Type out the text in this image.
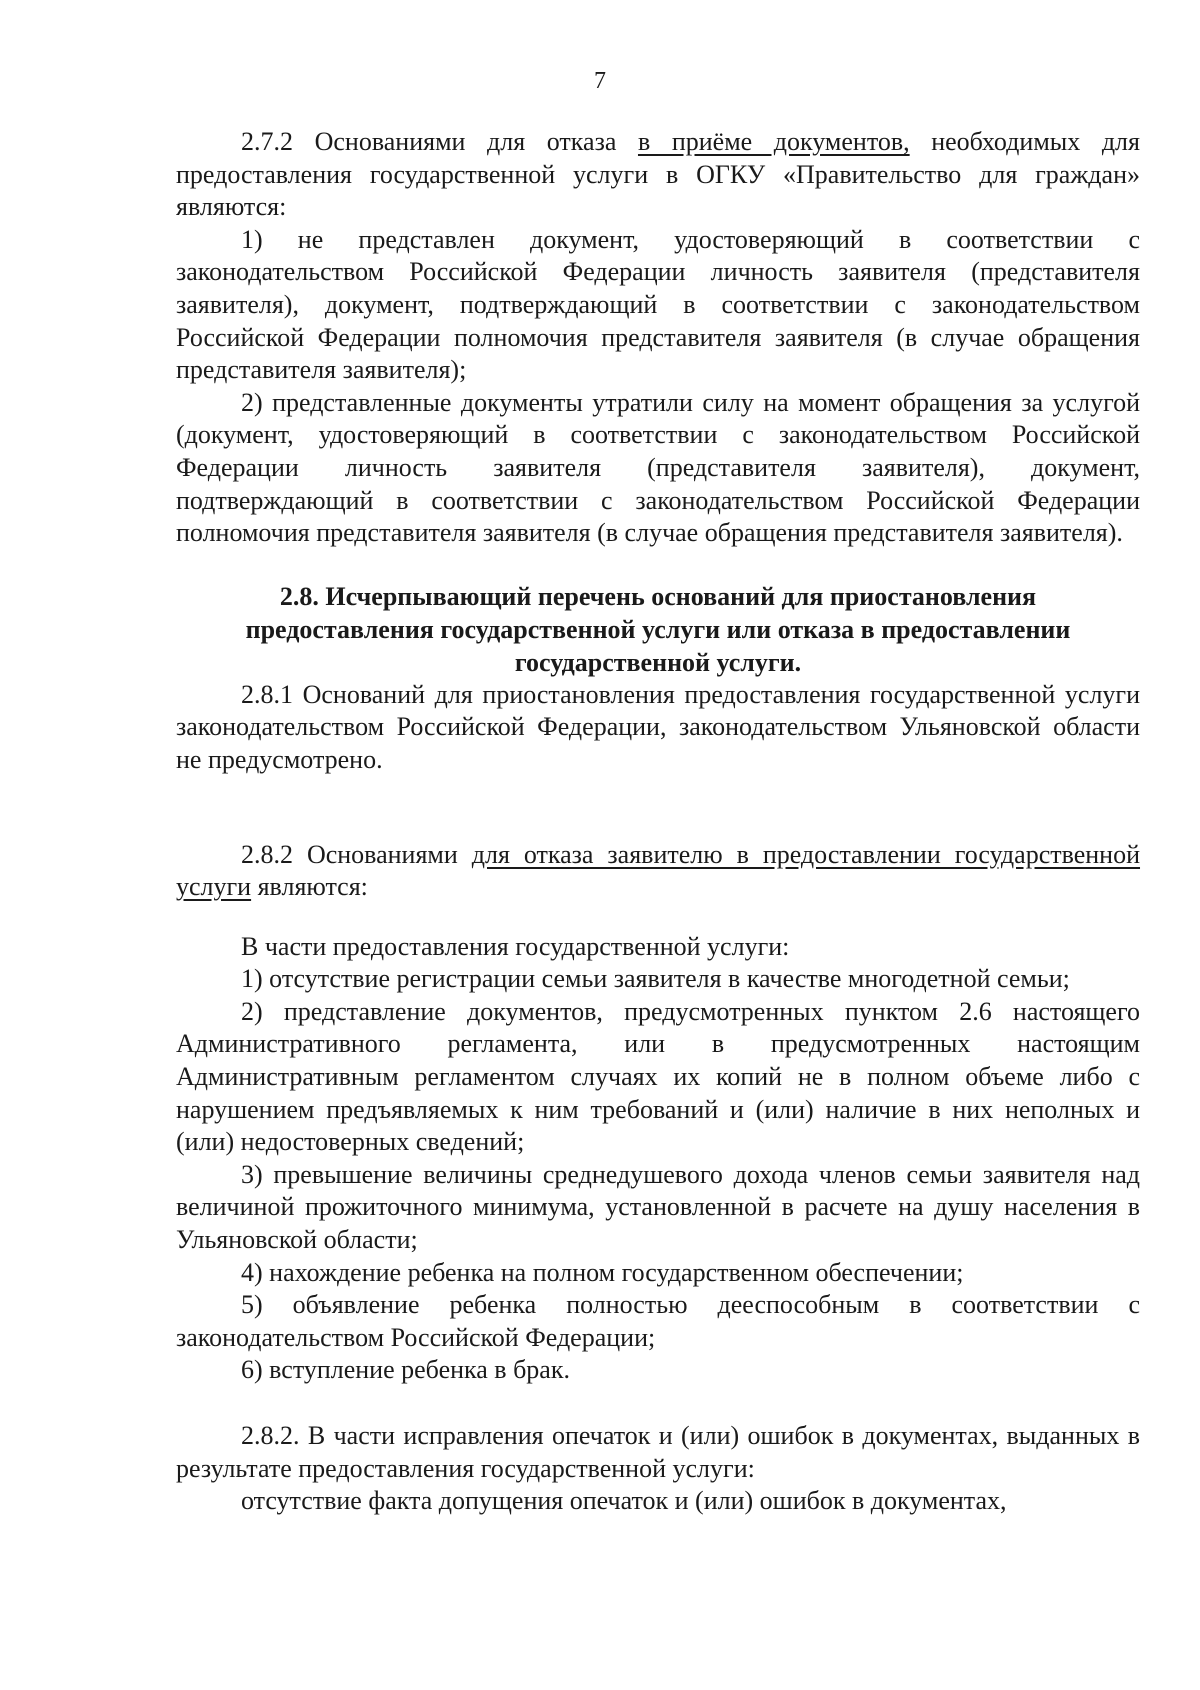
7

2.7.2 Основаниями для отказа в приёме документов, необходимых для предоставления государственной услуги в ОГКУ «Правительство для граждан» являются:

1) не представлен документ, удостоверяющий в соответствии с законодательством Российской Федерации личность заявителя (представителя заявителя), документ, подтверждающий в соответствии с законодательством Российской Федерации полномочия представителя заявителя (в случае обращения представителя заявителя);

2) представленные документы утратили силу на момент обращения за услугой (документ, удостоверяющий в соответствии с законодательством Российской Федерации личность заявителя (представителя заявителя), документ, подтверждающий в соответствии с законодательством Российской Федерации полномочия представителя заявителя (в случае обращения представителя заявителя).

2.8. Исчерпывающий перечень оснований для приостановления предоставления государственной услуги или отказа в предоставлении государственной услуги.

2.8.1 Оснований для приостановления предоставления государственной услуги законодательством Российской Федерации, законодательством Ульяновской области не предусмотрено.

2.8.2 Основаниями для отказа заявителю в предоставлении государственной услуги являются:

В части предоставления государственной услуги:

1) отсутствие регистрации семьи заявителя в качестве многодетной семьи;

2) представление документов, предусмотренных пунктом 2.6 настоящего Административного регламента, или в предусмотренных настоящим Административным регламентом случаях их копий не в полном объеме либо с нарушением предъявляемых к ним требований и (или) наличие в них неполных и (или) недостоверных сведений;

3) превышение величины среднедушевого дохода членов семьи заявителя над величиной прожиточного минимума, установленной в расчете на душу населения в Ульяновской области;

4) нахождение ребенка на полном государственном обеспечении;

5) объявление ребенка полностью дееспособным в соответствии с законодательством Российской Федерации;

6) вступление ребенка в брак.

2.8.2. В части исправления опечаток и (или) ошибок в документах, выданных в результате предоставления государственной услуги:

отсутствие факта допущения опечаток и (или) ошибок в документах,
